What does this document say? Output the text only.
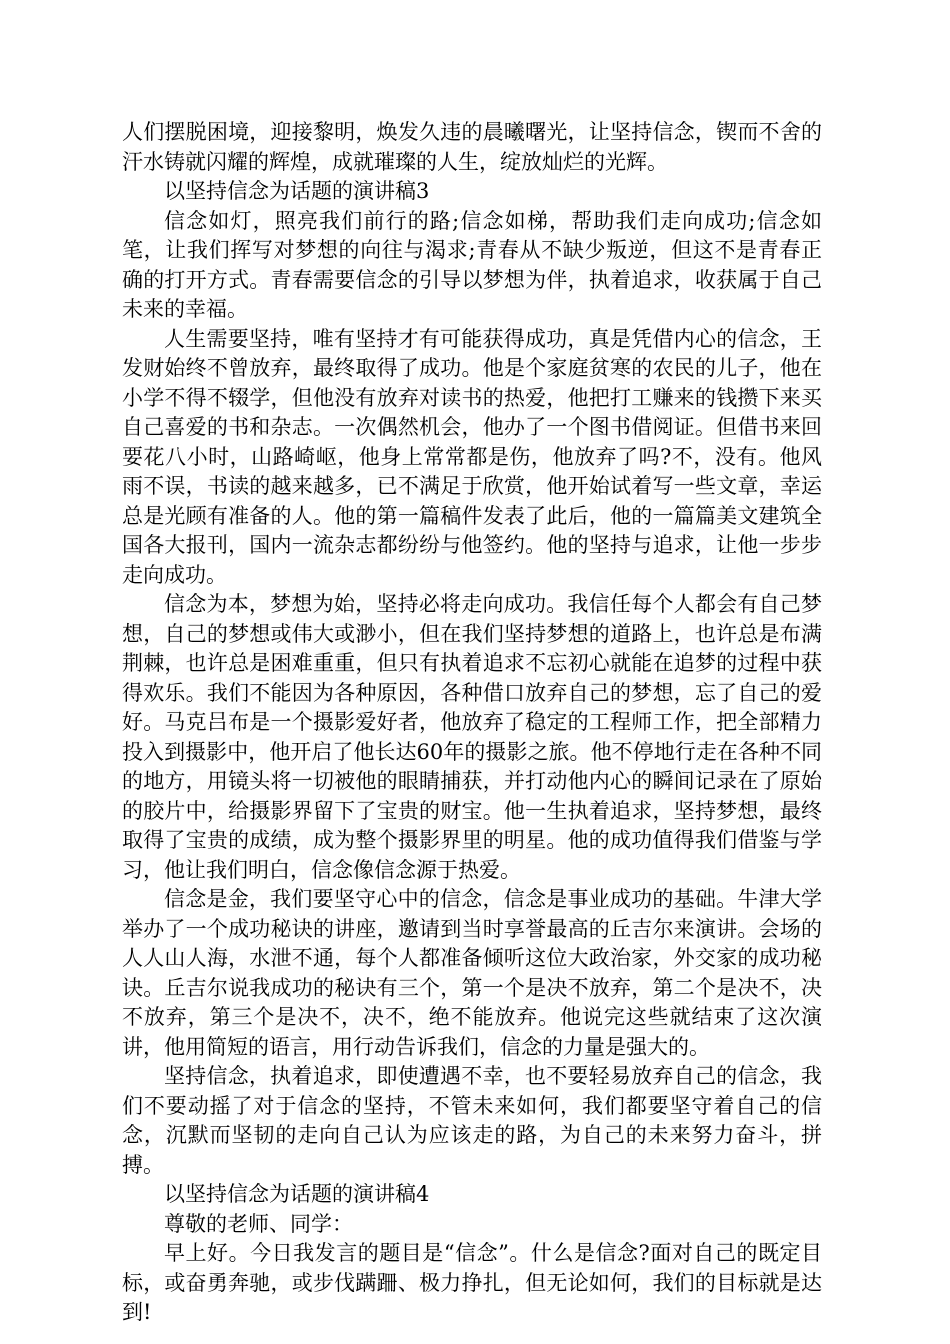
人们摆脱困境，迎接黎明，焕发久违的晨曦曙光，让坚持信念，锲而不舍的汗水铸就闪耀的辉煌，成就璀璨的人生，绽放灿烂的光辉。

以坚持信念为话题的演讲稿3

信念如灯，照亮我们前行的路;信念如梯，帮助我们走向成功;信念如笔，让我们挥写对梦想的向往与渴求;青春从不缺少叛逆，但这不是青春正确的打开方式。青春需要信念的引导以梦想为伴，执着追求，收获属于自己未来的幸福。

人生需要坚持，唯有坚持才有可能获得成功，真是凭借内心的信念，王发财始终不曾放弃，最终取得了成功。他是个家庭贫寒的农民的儿子，他在小学不得不辍学，但他没有放弃对读书的热爱，他把打工赚来的钱攒下来买自己喜爱的书和杂志。一次偶然机会，他办了一个图书借阅证。但借书来回要花八小时，山路崎岖，他身上常常都是伤，他放弃了吗?不，没有。他风雨不误，书读的越来越多，已不满足于欣赏，他开始试着写一些文章，幸运总是光顾有准备的人。他的第一篇稿件发表了此后，他的一篇篇美文建筑全国各大报刊，国内一流杂志都纷纷与他签约。他的坚持与追求，让他一步步走向成功。

信念为本，梦想为始，坚持必将走向成功。我信任每个人都会有自己梦想，自己的梦想或伟大或渺小，但在我们坚持梦想的道路上，也许总是布满荆棘，也许总是困难重重，但只有执着追求不忘初心就能在追梦的过程中获得欢乐。我们不能因为各种原因，各种借口放弃自己的梦想，忘了自己的爱好。马克吕布是一个摄影爱好者，他放弃了稳定的工程师工作，把全部精力投入到摄影中，他开启了他长达60年的摄影之旅。他不停地行走在各种不同的地方，用镜头将一切被他的眼睛捕获，并打动他内心的瞬间记录在了原始的胶片中，给摄影界留下了宝贵的财宝。他一生执着追求，坚持梦想，最终取得了宝贵的成绩，成为整个摄影界里的明星。他的成功值得我们借鉴与学习，他让我们明白，信念像信念源于热爱。

信念是金，我们要坚守心中的信念，信念是事业成功的基础。牛津大学举办了一个成功秘诀的讲座，邀请到当时享誉最高的丘吉尔来演讲。会场的人人山人海，水泄不通，每个人都准备倾听这位大政治家，外交家的成功秘诀。丘吉尔说我成功的秘诀有三个，第一个是决不放弃，第二个是决不，决不放弃，第三个是决不，决不，绝不能放弃。他说完这些就结束了这次演讲，他用简短的语言，用行动告诉我们，信念的力量是强大的。

坚持信念，执着追求，即使遭遇不幸，也不要轻易放弃自己的信念，我们不要动摇了对于信念的坚持，不管未来如何，我们都要坚守着自己的信念，沉默而坚韧的走向自己认为应该走的路，为自己的未来努力奋斗，拼搏。

以坚持信念为话题的演讲稿4

尊敬的老师、同学：

早上好。今日我发言的题目是“信念”。什么是信念?面对自己的既定目标，或奋勇奔驰，或步伐蹒跚、极力挣扎，但无论如何，我们的目标就是达到!
